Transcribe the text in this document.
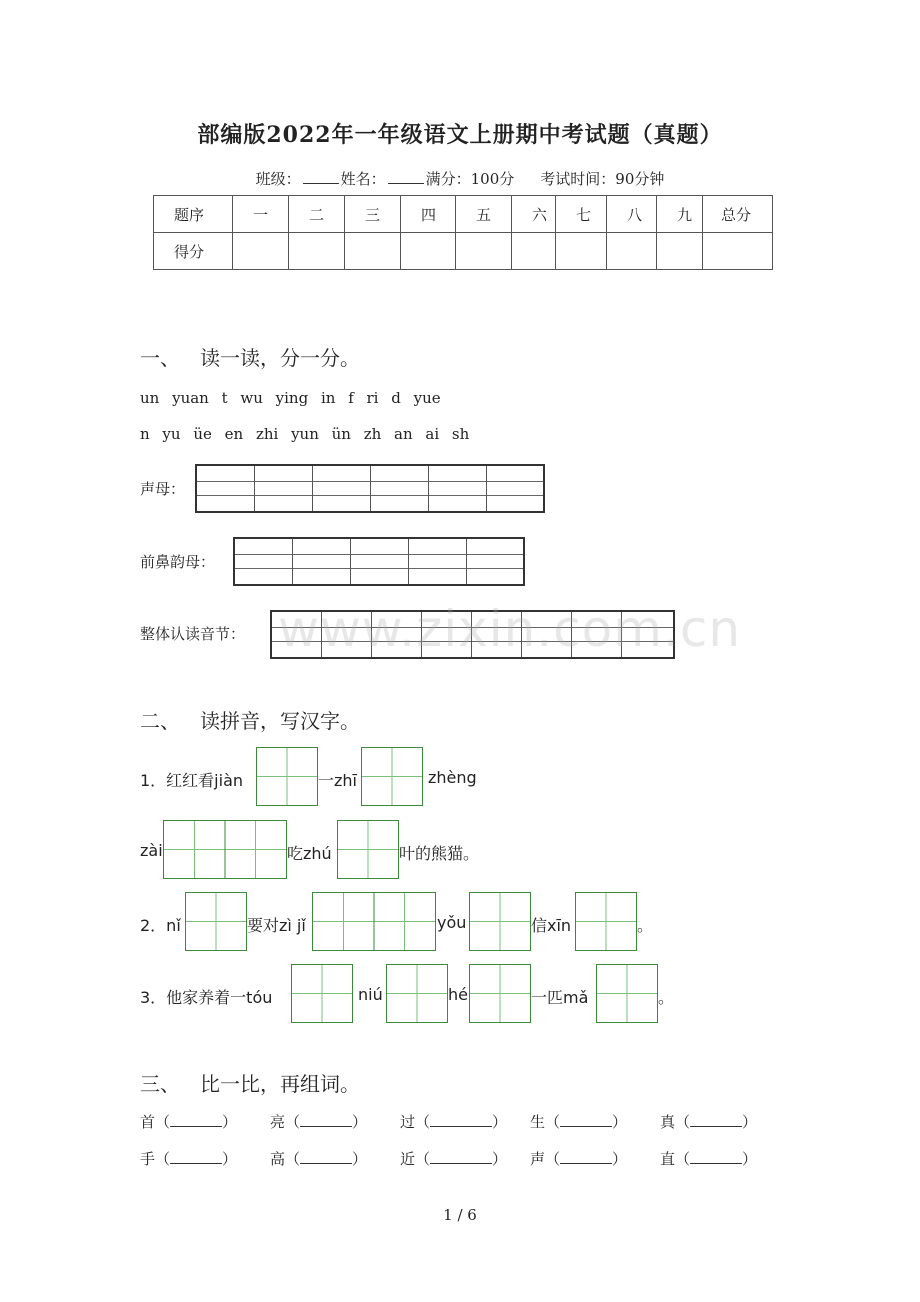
部编版2022年一年级语文上册期中考试题（真题）
班级：	姓名：	满分：100分 考试时间：90分钟
题序	一	二	三	四	五	六	七	八	九	总分
得分										
一、 读一读，分一分。
un yuan t wu ying in f ri d yue
n yu üe en zhi yun ün zh an ai sh
声母：
前鼻韵母：
整体认读音节： www.zixin.com.cn
二、 读拼音，写汉字。
1．红红看jiàn	一zhī	zhèng
zài	吃zhú	叶的熊猫。
2．nǐ	要对zì jǐ	yǒu	信xīn	。
3．他家养着一tóu	niú	hé	一匹mǎ	。
三、 比一比，再组词。
首（	） 亮（	） 过（	） 生（	） 真（	）
手（	） 高（	） 近（	） 声（	） 直（	）
1 / 6
